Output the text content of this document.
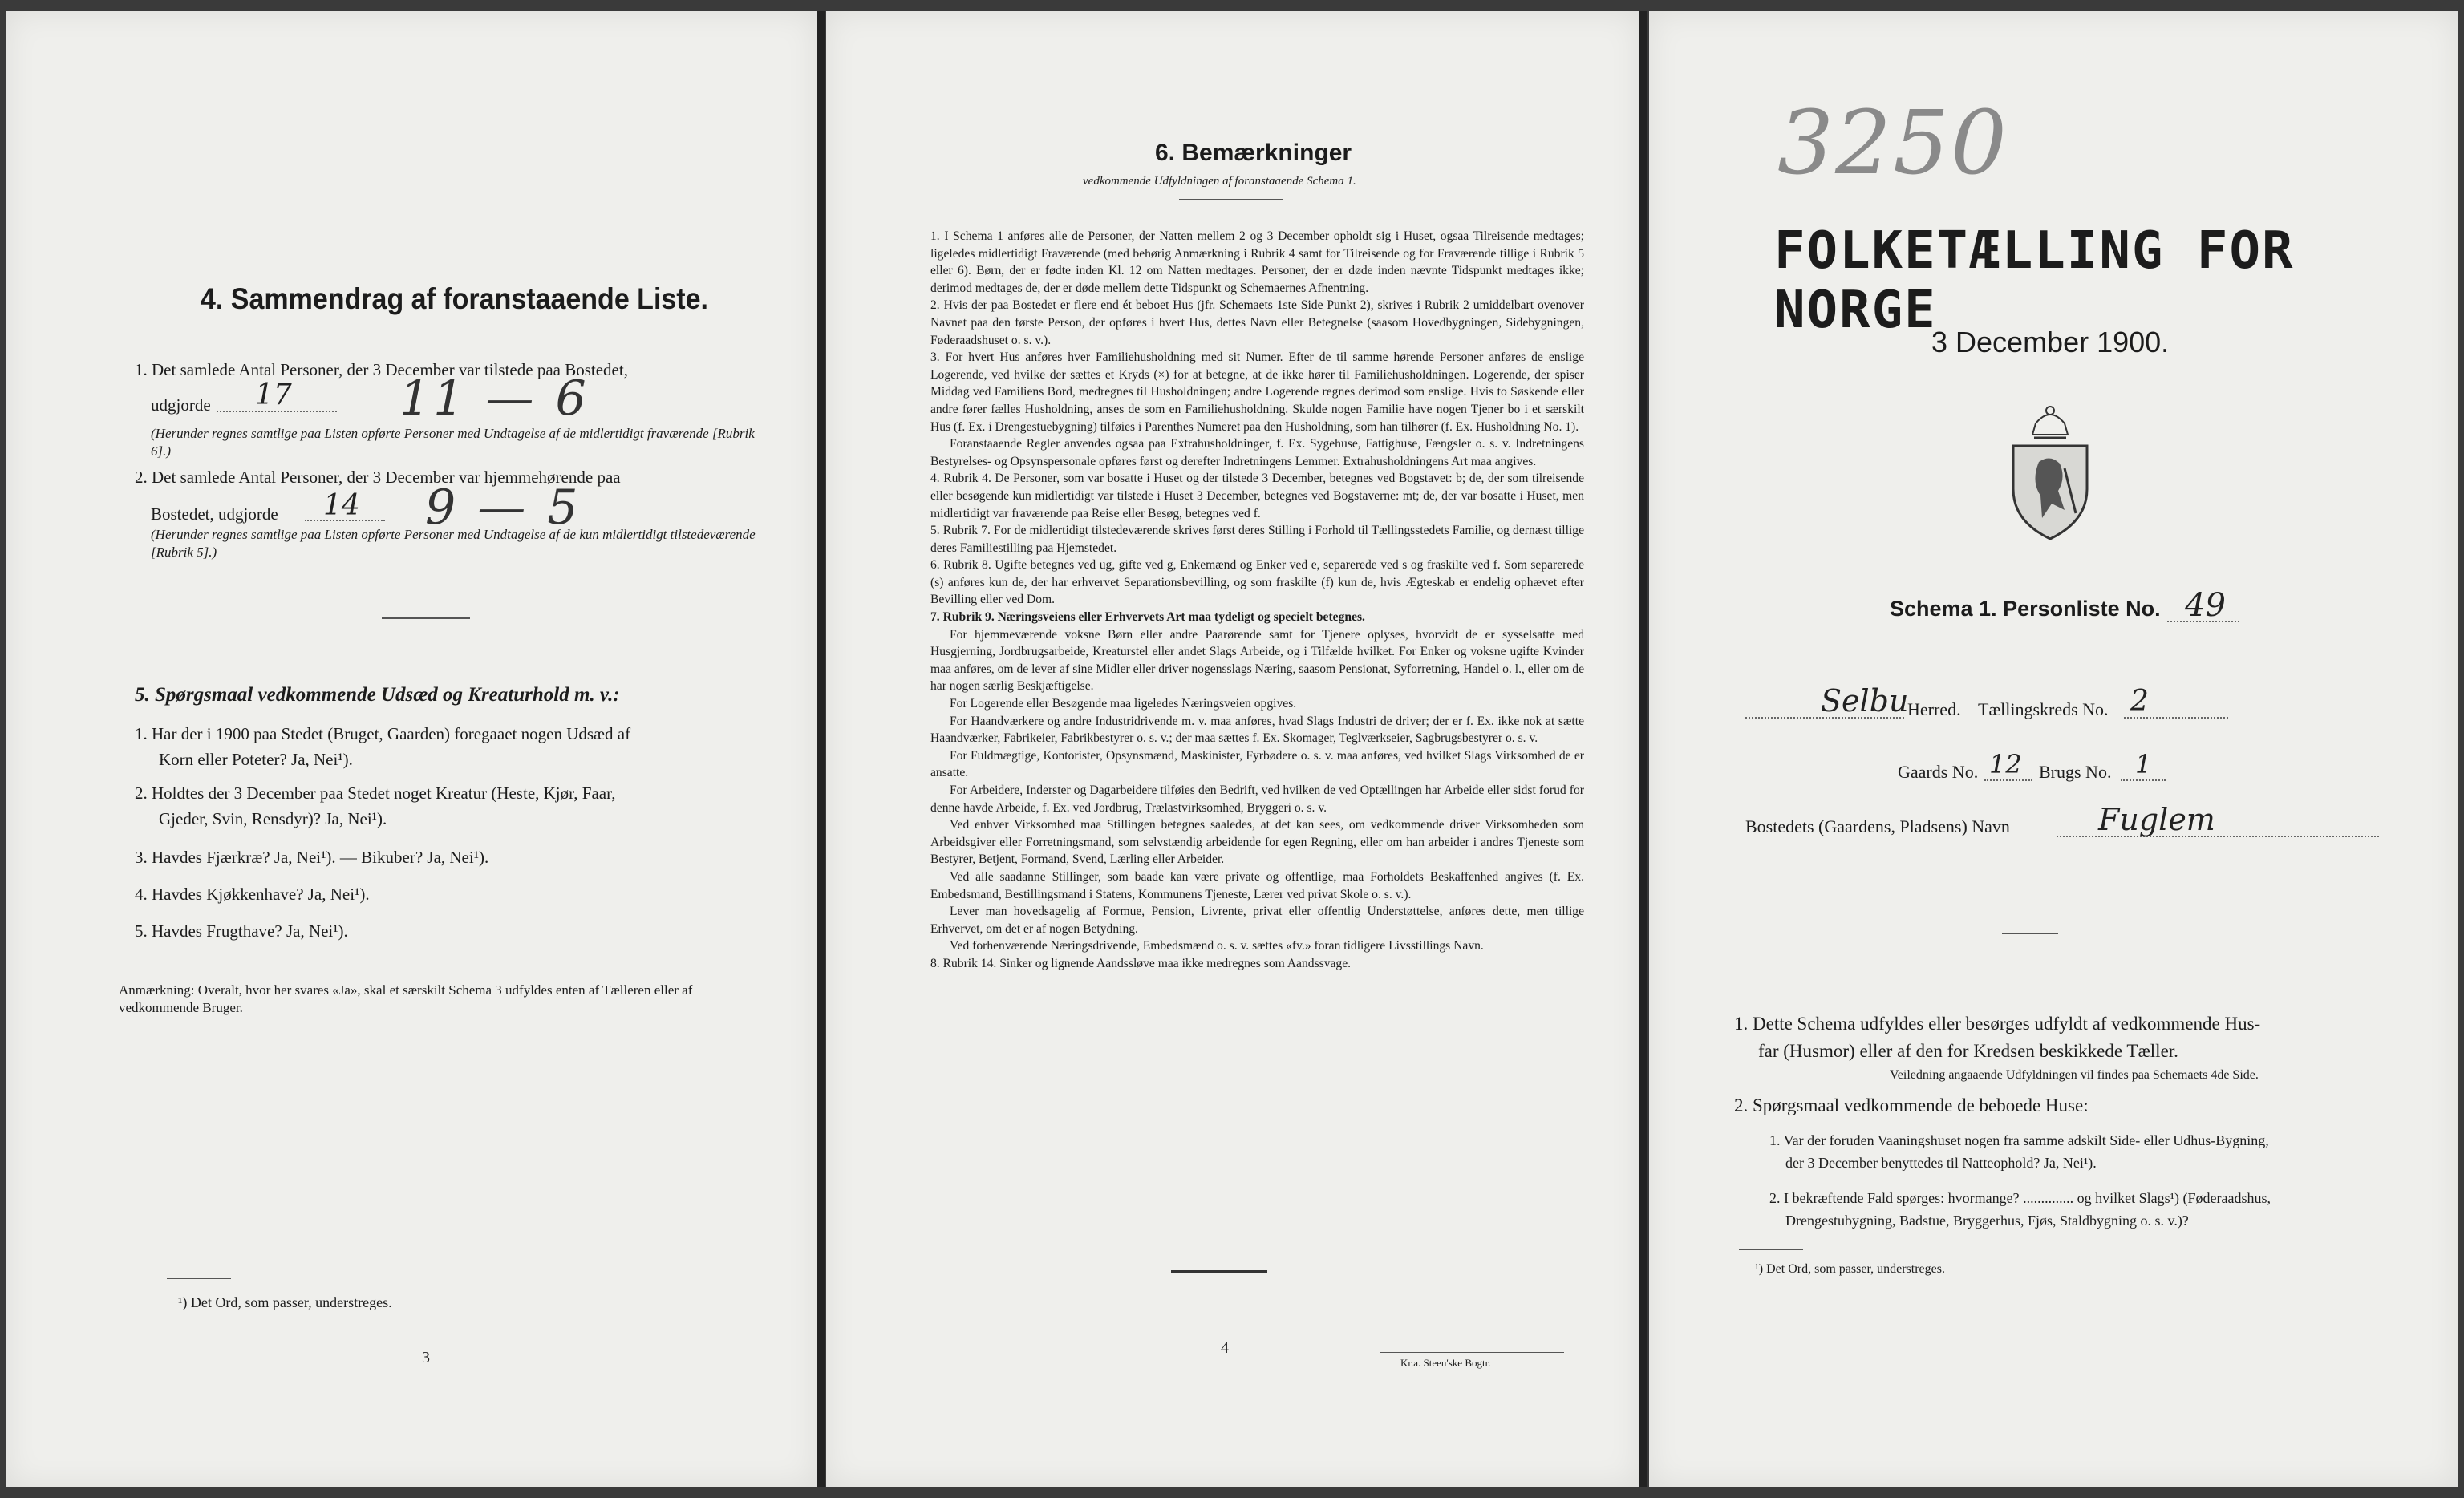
4. Sammendrag af foranstaaende Liste.
1. Det samlede Antal Personer, der 3 December var tilstede paa Bostedet,
udgjorde 17 11 — 6
(Herunder regnes samtlige paa Listen opførte Personer med Undtagelse af de midlertidigt fraværende [Rubrik 6].)
2. Det samlede Antal Personer, der 3 December var hjemmehørende paa
Bostedet, udgjorde 14 9 — 5
(Herunder regnes samtlige paa Listen opførte Personer med Undtagelse af de kun midlertidigt tilstedeværende [Rubrik 5].)
5. Spørgsmaal vedkommende Udsæd og Kreaturhold m. v.:
1. Har der i 1900 paa Stedet (Bruget, Gaarden) foregaaet nogen Udsæd af
Korn eller Poteter? Ja, Nei¹).
2. Holdtes der 3 December paa Stedet noget Kreatur (Heste, Kjør, Faar,
Gjeder, Svin, Rensdyr)? Ja, Nei¹).
3. Havdes Fjærkræ? Ja, Nei¹). — Bikuber? Ja, Nei¹).
4. Havdes Kjøkkenhave? Ja, Nei¹).
5. Havdes Frugthave? Ja, Nei¹).
Anmærkning: Overalt, hvor her svares «Ja», skal et særskilt Schema 3 udfyldes enten af Tælleren eller af vedkommende Bruger.
¹) Det Ord, som passer, understreges.
3
6. Bemærkninger
vedkommende Udfyldningen af foranstaaende Schema 1.

1. I Schema 1 anføres alle de Personer, der Natten mellem 2 og 3 December opholdt sig i Huset, ogsaa Tilreisende medtages; ligeledes midlertidigt Fraværende (med behørig Anmærkning i Rubrik 4 samt for Tilreisende og for Fraværende tillige i Rubrik 5 eller 6). Børn, der er fødte inden Kl. 12 om Natten medtages. Personer, der er døde inden nævnte Tidspunkt medtages ikke; derimod medtages de, der er døde mellem dette Tidspunkt og Schemaernes Afhentning.

2. Hvis der paa Bostedet er flere end ét beboet Hus (jfr. Schemaets 1ste Side Punkt 2), skrives i Rubrik 2 umiddelbart ovenover Navnet paa den første Person, der opføres i hvert Hus, dettes Navn eller Betegnelse (saasom Hovedbygningen, Sidebygningen, Føderaadshuset o. s. v.).

3. For hvert Hus anføres hver Familiehusholdning med sit Numer. Efter de til samme hørende Personer anføres de enslige Logerende, ved hvilke der sættes et Kryds (×) for at betegne, at de ikke hører til Familiehusholdningen. Logerende, der spiser Middag ved Familiens Bord, medregnes til Husholdningen; andre Logerende regnes derimod som enslige. Hvis to Søskende eller andre fører fælles Husholdning, anses de som en Familiehusholdning. Skulde nogen Familie have nogen Tjener bo i et særskilt Hus (f. Ex. i Drengestuebygning) tilføies i Parenthes Numeret paa den Husholdning, som han tilhører (f. Ex. Husholdning No. 1).

Foranstaaende Regler anvendes ogsaa paa Extrahusholdninger, f. Ex. Sygehuse, Fattighuse, Fængsler o. s. v. Indretningens Bestyrelses- og Opsynspersonale opføres først og derefter Indretningens Lemmer. Extrahusholdningens Art maa angives.

4. Rubrik 4. De Personer, som var bosatte i Huset og der tilstede 3 December, betegnes ved Bogstavet: b; de, der som tilreisende eller besøgende kun midlertidigt var tilstede i Huset 3 December, betegnes ved Bogstaverne: mt; de, der var bosatte i Huset, men midlertidigt var fraværende paa Reise eller Besøg, betegnes ved f.

5. Rubrik 7. For de midlertidigt tilstedeværende skrives først deres Stilling i Forhold til Tællingsstedets Familie, og dernæst tillige deres Familiestilling paa Hjemstedet.

6. Rubrik 8. Ugifte betegnes ved ug, gifte ved g, Enkemænd og Enker ved e, separerede ved s og fraskilte ved f. Som separerede (s) anføres kun de, der har erhvervet Separationsbevilling, og som fraskilte (f) kun de, hvis Ægteskab er endelig ophævet efter Bevilling eller ved Dom.

7. Rubrik 9. Næringsveiens eller Erhvervets Art maa tydeligt og specielt betegnes.

For hjemmeværende voksne Børn eller andre Paarørende samt for Tjenere oplyses, hvorvidt de er sysselsatte med Husgjerning, Jordbrugsarbeide, Kreaturstel eller andet Slags Arbeide, og i Tilfælde hvilket. For Enker og voksne ugifte Kvinder maa anføres, om de lever af sine Midler eller driver nogensslags Næring, saasom Pensionat, Syforretning, Handel o. l., eller om de har nogen særlig Beskjæftigelse.

For Logerende eller Besøgende maa ligeledes Næringsveien opgives.

For Haandværkere og andre Industridrivende m. v. maa anføres, hvad Slags Industri de driver; der er f. Ex. ikke nok at sætte Haandværker, Fabrikeier, Fabrikbestyrer o. s. v.; der maa sættes f. Ex. Skomager, Teglværkseier, Sagbrugsbestyrer o. s. v.

For Fuldmægtige, Kontorister, Opsynsmænd, Maskinister, Fyrbødere o. s. v. maa anføres, ved hvilket Slags Virksomhed de er ansatte.

For Arbeidere, Inderster og Dagarbeidere tilføies den Bedrift, ved hvilken de ved Optællingen har Arbeide eller sidst forud for denne havde Arbeide, f. Ex. ved Jordbrug, Trælastvirksomhed, Bryggeri o. s. v.

Ved enhver Virksomhed maa Stillingen betegnes saaledes, at det kan sees, om vedkommende driver Virksomheden som Arbeidsgiver eller Forretningsmand, som selvstændig arbeidende for egen Regning, eller om han arbeider i andres Tjeneste som Bestyrer, Betjent, Formand, Svend, Lærling eller Arbeider.

Ved alle saadanne Stillinger, som baade kan være private og offentlige, maa Forholdets Beskaffenhed angives (f. Ex. Embedsmand, Bestillingsmand i Statens, Kommunens Tjeneste, Lærer ved privat Skole o. s. v.).

Lever man hovedsagelig af Formue, Pension, Livrente, privat eller offentlig Understøttelse, anføres dette, men tillige Erhvervet, om det er af nogen Betydning.

Ved forhenværende Næringsdrivende, Embedsmænd o. s. v. sættes «fv.» foran tidligere Livsstillings Navn.

8. Rubrik 14. Sinker og lignende Aandssløve maa ikke medregnes som Aandssvage.

4
Kr.a. Steen'ske Bogtr.
3250
FOLKETÆLLING FOR NORGE
3 December 1900.
Schema 1. Personliste No. 49
Selbu
Herred. Tællingskreds No. 2
Gaards No. 12 Brugs No. 1
Bostedets (Gaardens, Pladsens) Navn	Fuglem
1. Dette Schema udfyldes eller besørges udfyldt af vedkommende Hus-
far (Husmor) eller af den for Kredsen beskikkede Tæller.
Veiledning angaaende Udfyldningen vil findes paa Schemaets 4de Side.
2. Spørgsmaal vedkommende de beboede Huse:
1. Var der foruden Vaaningshuset nogen fra samme adskilt Side- eller Udhus-Bygning,
der 3 December benyttedes til Natteophold? Ja, Nei¹).
2. I bekræftende Fald spørges: hvormange? .............. og hvilket Slags¹) (Føderaadshus,
Drengestubygning, Badstue, Bryggerhus, Fjøs, Staldbygning o. s. v.)?
¹) Det Ord, som passer, understreges.
